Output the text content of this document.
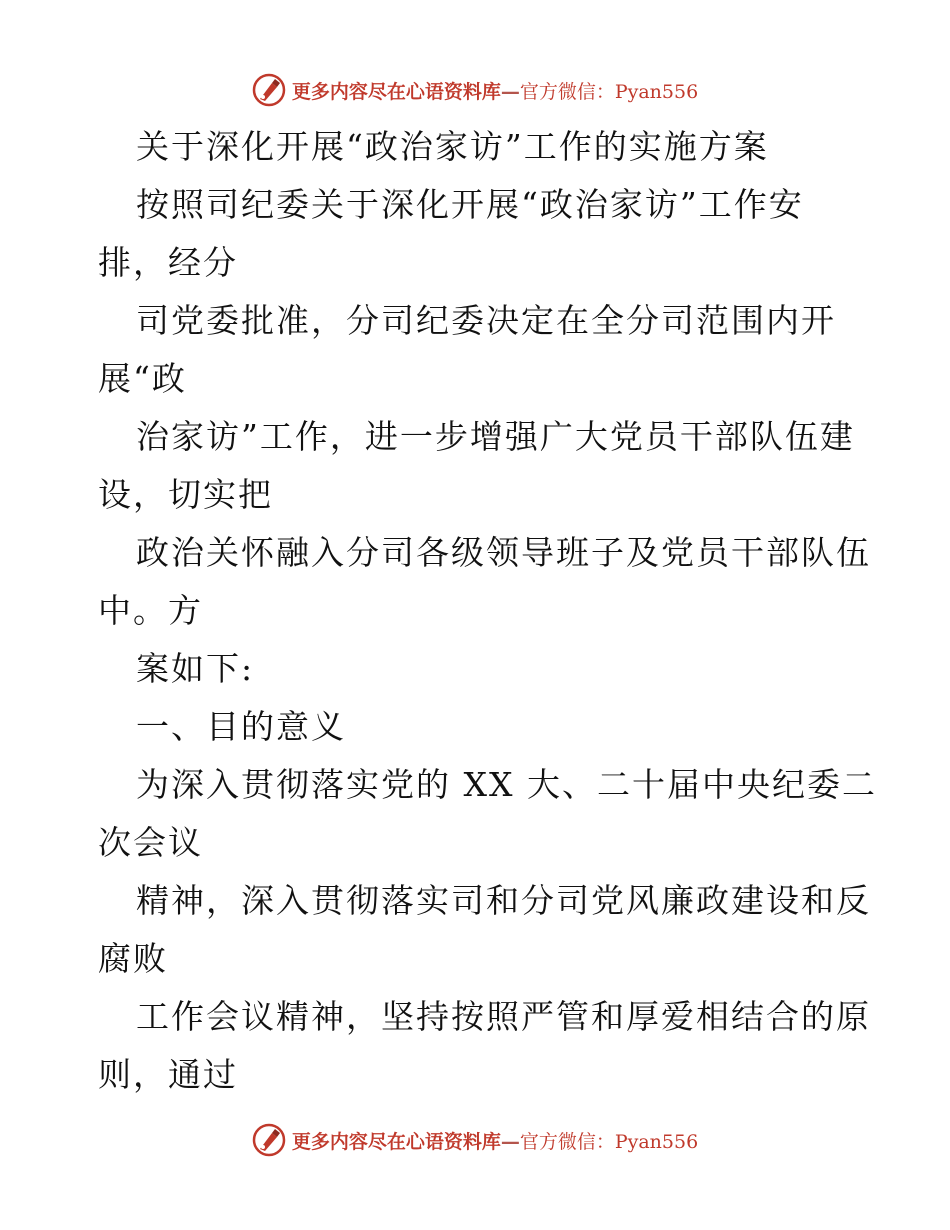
更多内容尽在心语资料库—官方微信：Pyan556
关于深化开展“政治家访”工作的实施方案
按照司纪委关于深化开展“政治家访”工作安
排，经分
司党委批准，分司纪委决定在全分司范围内开
展“政
治家访”工作，进一步增强广大党员干部队伍建
设，切实把
政治关怀融入分司各级领导班子及党员干部队伍
中。方
案如下:
一、目的意义
为深入贯彻落实党的 XX 大、二十届中央纪委二
次会议
精神，深入贯彻落实司和分司党风廉政建设和反
腐败
工作会议精神，坚持按照严管和厚爱相结合的原
则，通过
更多内容尽在心语资料库—官方微信：Pyan556
